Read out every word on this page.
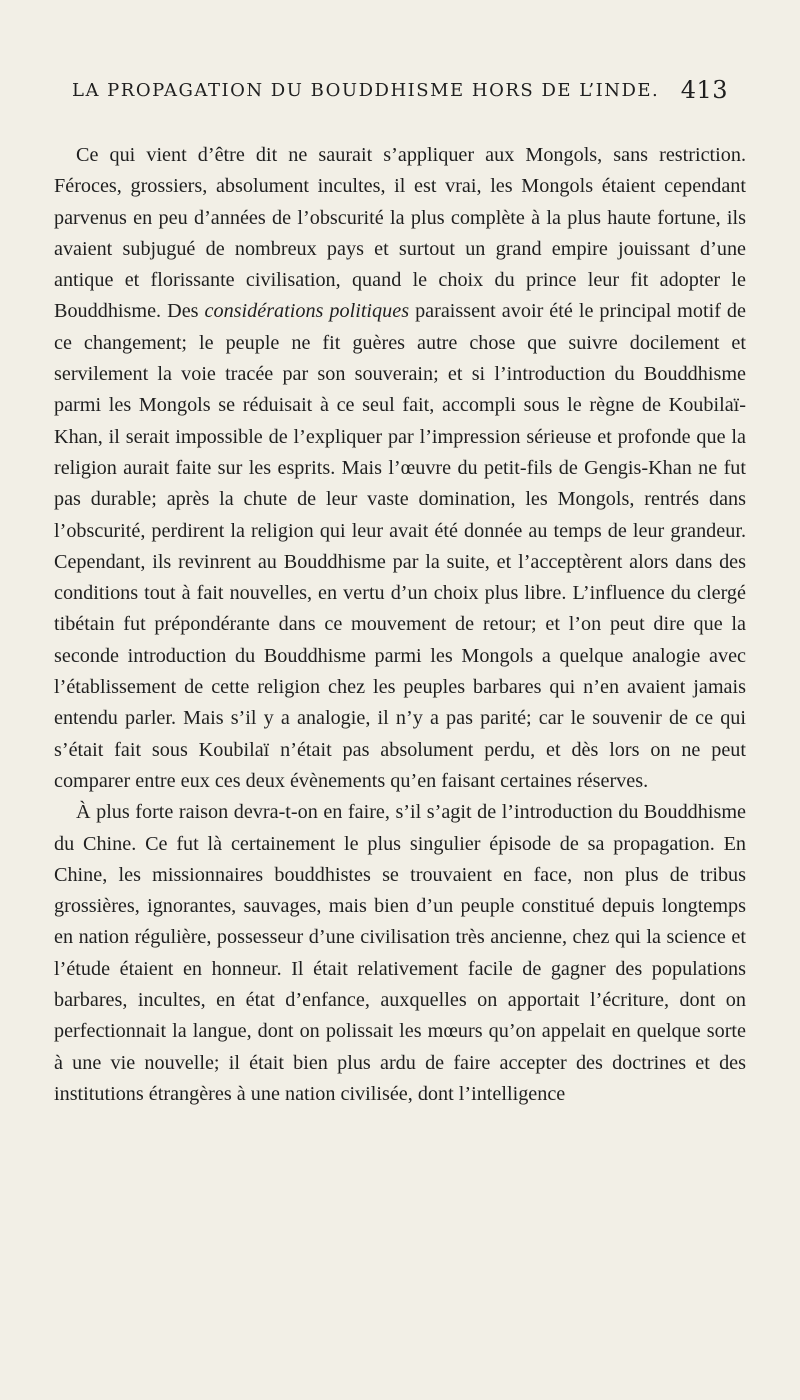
LA PROPAGATION DU BOUDDHISME HORS DE L’INDE. 413

Ce qui vient d’être dit ne saurait s’appliquer aux Mongols, sans restriction. Féroces, grossiers, absolument incultes, il est vrai, les Mongols étaient cependant parvenus en peu d’années de l’obscurité la plus complète à la plus haute fortune, ils avaient subjugué de nombreux pays et surtout un grand empire jouissant d’une antique et florissante civilisation, quand le choix du prince leur fit adopter le Bouddhisme. Des considérations politiques paraissent avoir été le principal motif de ce changement; le peuple ne fit guères autre chose que suivre docilement et servilement la voie tracée par son souverain; et si l’introduction du Bouddhisme parmi les Mongols se réduisait à ce seul fait, accompli sous le règne de Koubilaï-Khan, il serait impossible de l’expliquer par l’impression sérieuse et profonde que la religion aurait faite sur les esprits. Mais l’œuvre du petit-fils de Gengis-Khan ne fut pas durable; après la chute de leur vaste domination, les Mongols, rentrés dans l’obscurité, perdirent la religion qui leur avait été donnée au temps de leur grandeur. Cependant, ils revinrent au Bouddhisme par la suite, et l’acceptèrent alors dans des conditions tout à fait nouvelles, en vertu d’un choix plus libre. L’influence du clergé tibétain fut prépondérante dans ce mouvement de retour; et l’on peut dire que la seconde introduction du Bouddhisme parmi les Mongols a quelque analogie avec l’établissement de cette religion chez les peuples barbares qui n’en avaient jamais entendu parler. Mais s’il y a analogie, il n’y a pas parité; car le souvenir de ce qui s’était fait sous Koubilaï n’était pas absolument perdu, et dès lors on ne peut comparer entre eux ces deux évènements qu’en faisant certaines réserves.

À plus forte raison devra-t-on en faire, s’il s’agit de l’introduction du Bouddhisme du Chine. Ce fut là certainement le plus singulier épisode de sa propagation. En Chine, les missionnaires bouddhistes se trouvaient en face, non plus de tribus grossières, ignorantes, sauvages, mais bien d’un peuple constitué depuis longtemps en nation régulière, possesseur d’une civilisation très ancienne, chez qui la science et l’étude étaient en honneur. Il était relativement facile de gagner des populations barbares, incultes, en état d’enfance, auxquelles on apportait l’écriture, dont on perfectionnait la langue, dont on polissait les mœurs qu’on appelait en quelque sorte à une vie nouvelle; il était bien plus ardu de faire accepter des doctrines et des institutions étrangères à une nation civilisée, dont l’intelligence
